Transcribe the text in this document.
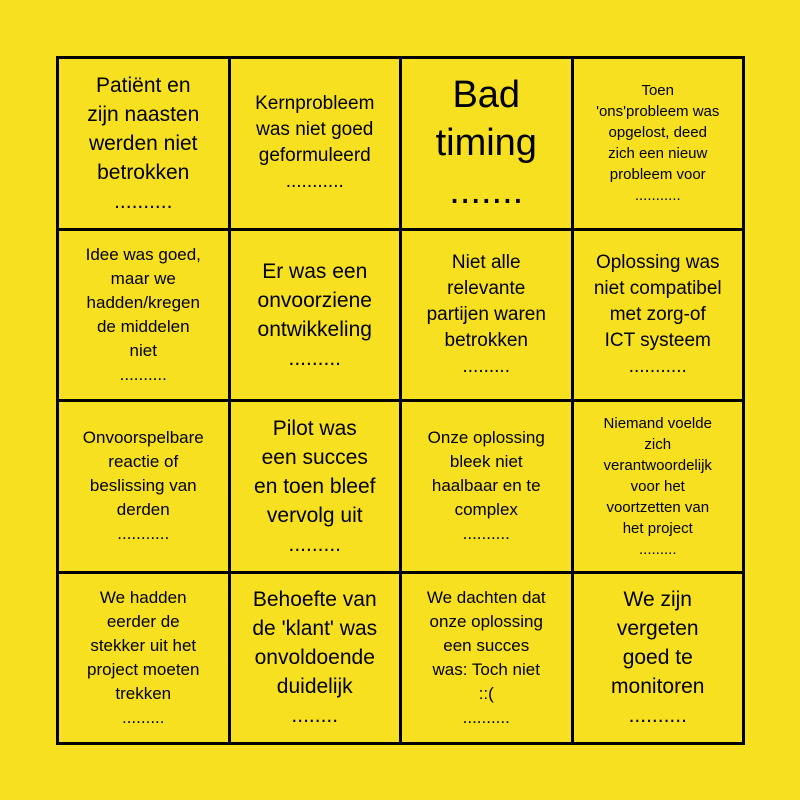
Patiënt en
zijn naasten
werden niet
betrokken
..........
Kernprobleem
was niet goed
geformuleerd
...........
Bad
timing
.......
Toen
'ons'probleem was
opgelost, deed
zich een nieuw
probleem voor
...........
Idee was goed,
maar we
hadden/kregen
de middelen
niet
..........
Er was een
onvoorziene
ontwikkeling
.........
Niet alle
relevante
partijen waren
betrokken
.........
Oplossing was
niet compatibel
met zorg-of
ICT systeem
...........
Onvoorspelbare
reactie of
beslissing van
derden
...........
Pilot was
een succes
en toen bleef
vervolg uit
.........
Onze oplossing
bleek niet
haalbaar en te
complex
..........
Niemand voelde
zich
verantwoordelijk
voor het
voortzetten van
het project
.........
We hadden
eerder de
stekker uit het
project moeten
trekken
.........
Behoefte van
de 'klant' was
onvoldoende
duidelijk
........
We dachten dat
onze oplossing
een succes
was: Toch niet
::(
..........
We zijn
vergeten
goed te
monitoren
..........
